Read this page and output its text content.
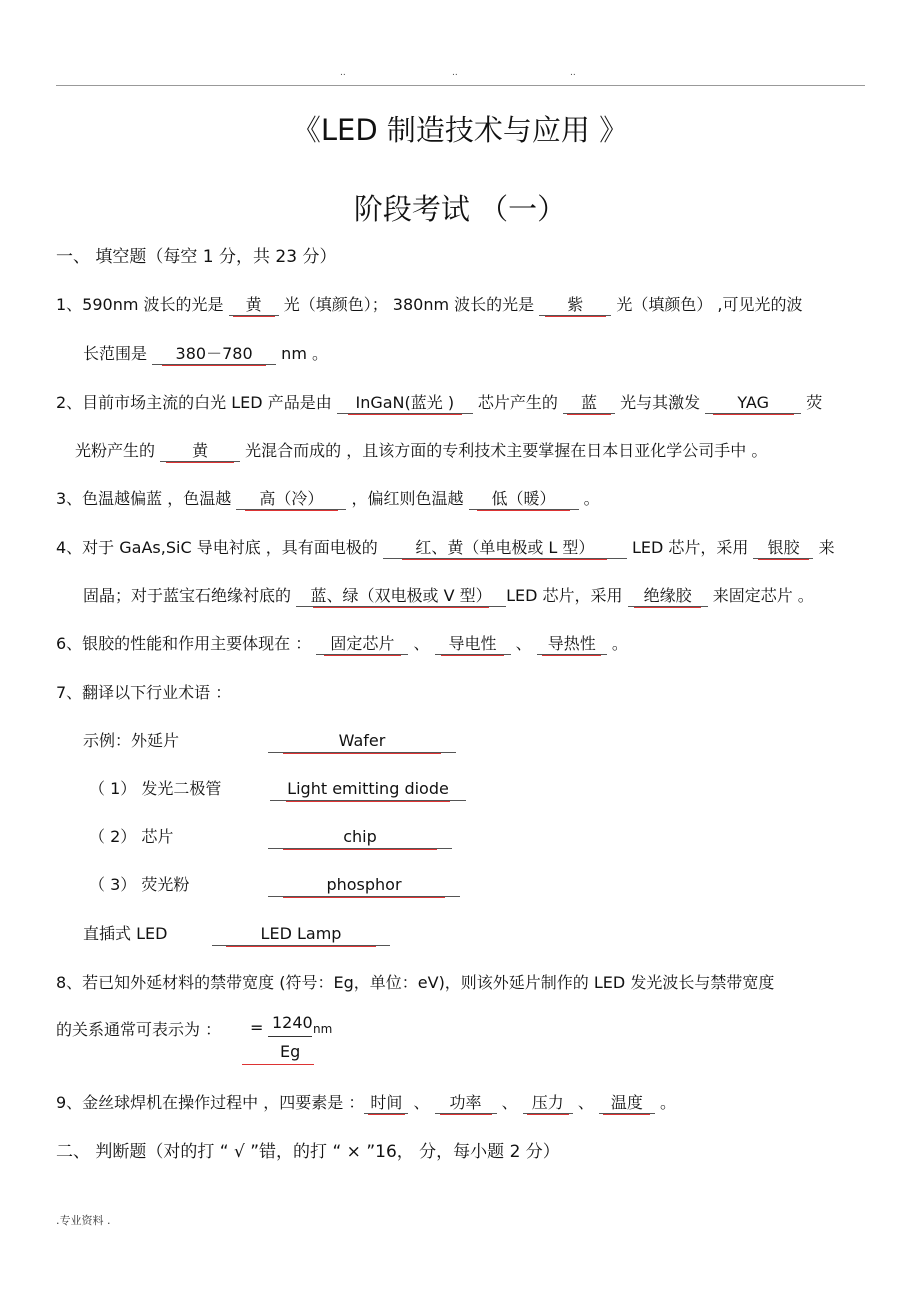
..	..	..
《LED 制造技术与应用 》
阶段考试 （一）
一、 填空题（每空 1 分，共 23 分）
1、590nm 波长的光是 黄 光（填颜色）； 380nm 波长的光是 紫 光（填颜色） ,可见光的波
长范围是 380－780 nm 。
2、目前市场主流的白光 LED 产品是由 InGaN(蓝光 ) 芯片产生的 蓝 光与其激发 YAG 荧
光粉产生的 黄 光混合而成的 ，且该方面的专利技术主要掌握在日本日亚化学公司手中 。
3、色温越偏蓝 ，色温越 高（冷） ，偏红则色温越 低（暖） 。
4、对于 GaAs,SiC 导电衬底 ，具有面电极的 红、黄（单电极或 L 型） LED 芯片，采用 银胶 来
固晶；对于蓝宝石绝缘衬底的 蓝、绿（双电极或 V 型） LED 芯片，采用 绝缘胶 来固定芯片 。
6、银胶的性能和作用主要体现在 ： 固定芯片 、 导电性 、 导热性 。
7、翻译以下行业术语 ：
示例：外延片	Wafer
（ 1） 发光二极管	Light emitting diode
（ 2） 芯片	chip
（ 3） 荧光粉	phosphor
直插式 LED	LED Lamp
8、若已知外延材料的禁带宽度 (符号：Eg，单位：eV)，则该外延片制作的 LED 发光波长与禁带宽度
的关系通常可表示为 ： = 1240 nm
Eg
9、金丝球焊机在操作过程中 ，四要素是 ： 时间 、 功率 、 压力 、 温度 。
二、 判断题（对的打 “ √ ”错，的打 “ × ”16， 分，每小题 2 分）
.专业资料 .
